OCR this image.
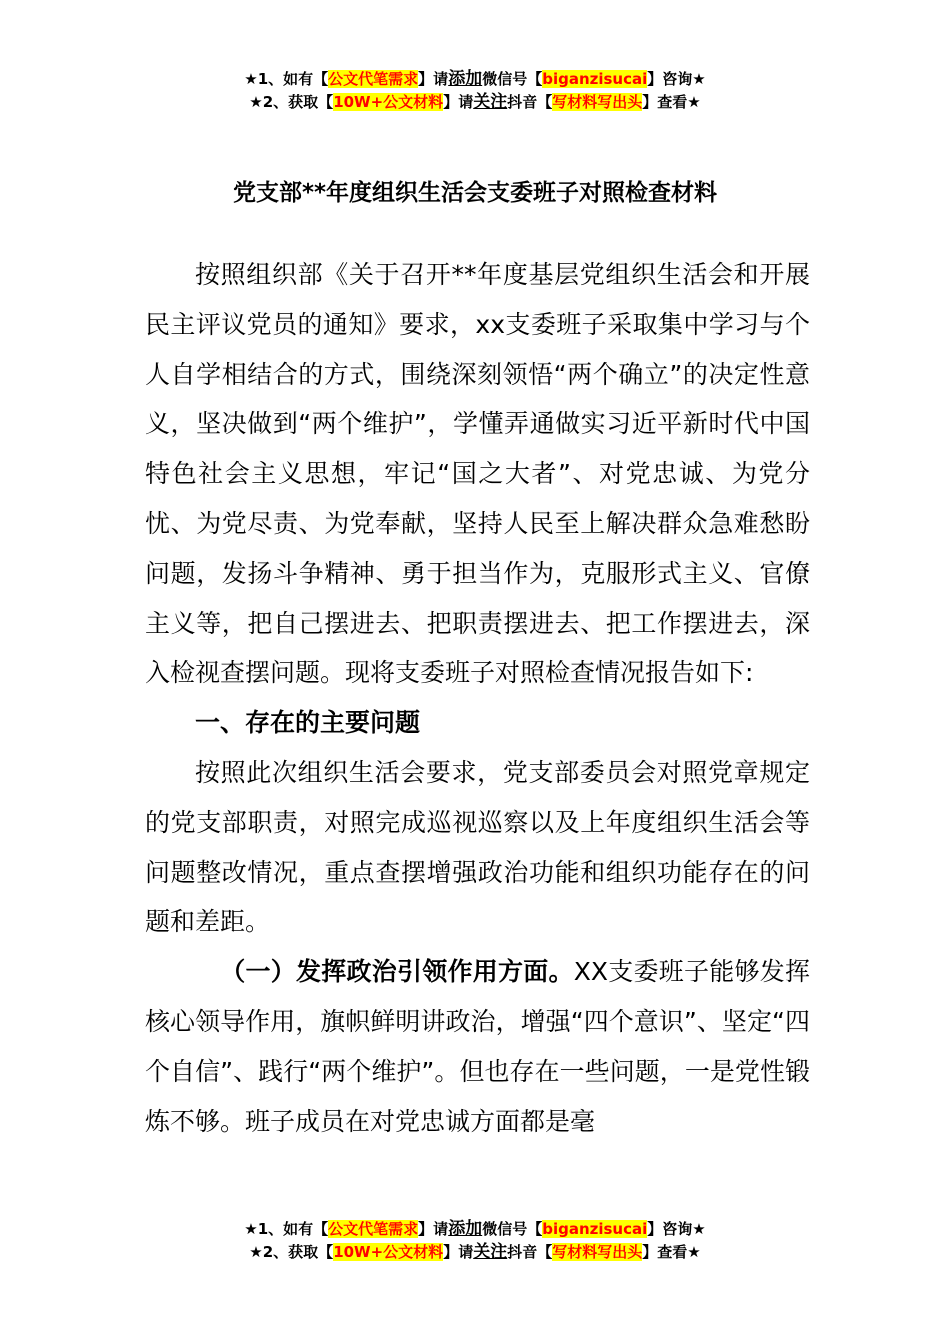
★1、如有【公文代笔需求】请添加微信号【biganzisucai】咨询★
★2、获取【10W+公文材料】请关注抖音【写材料写出头】查看★
党支部**年度组织生活会支委班子对照检查材料

按照组织部《关于召开**年度基层党组织生活会和开展民主评议党员的通知》要求，xx支委班子采取集中学习与个人自学相结合的方式，围绕深刻领悟“两个确立”的决定性意义，坚决做到“两个维护”，学懂弄通做实习近平新时代中国特色社会主义思想，牢记“国之大者”、对党忠诚、为党分忧、为党尽责、为党奉献，坚持人民至上解决群众急难愁盼问题，发扬斗争精神、勇于担当作为，克服形式主义、官僚主义等，把自己摆进去、把职责摆进去、把工作摆进去，深入检视查摆问题。现将支委班子对照检查情况报告如下:

一、存在的主要问题

按照此次组织生活会要求，党支部委员会对照党章规定的党支部职责，对照完成巡视巡察以及上年度组织生活会等问题整改情况，重点查摆增强政治功能和组织功能存在的问题和差距。

（一）发挥政治引领作用方面。XX支委班子能够发挥核心领导作用，旗帜鲜明讲政治，增强“四个意识”、坚定“四个自信”、践行“两个维护”。但也存在一些问题，一是党性锻炼不够。班子成员在对党忠诚方面都是毫

★1、如有【公文代笔需求】请添加微信号【biganzisucai】咨询★
★2、获取【10W+公文材料】请关注抖音【写材料写出头】查看★
